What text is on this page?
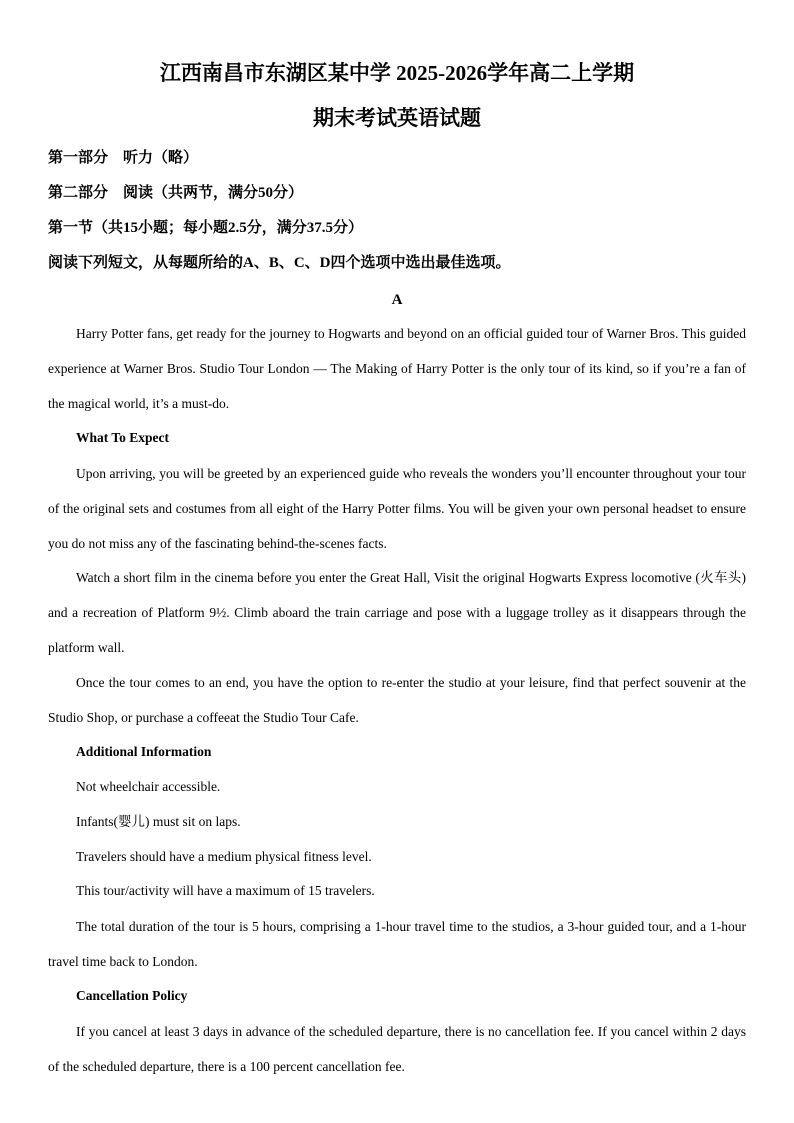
江西南昌市东湖区某中学 2025-2026学年高二上学期
期末考试英语试题
第一部分　听力（略）
第二部分　阅读（共两节，满分50分）
第一节（共15小题；每小题2.5分，满分37.5分）
阅读下列短文，从每题所给的A、B、C、D四个选项中选出最佳选项。
A

Harry Potter fans, get ready for the journey to Hogwarts and beyond on an official guided tour of Warner Bros. This guided experience at Warner Bros. Studio Tour London — The Making of Harry Potter is the only tour of its kind, so if you’re a fan of the magical world, it’s a must-do.

What To Expect

Upon arriving, you will be greeted by an experienced guide who reveals the wonders you’ll encounter throughout your tour of the original sets and costumes from all eight of the Harry Potter films. You will be given your own personal headset to ensure you do not miss any of the fascinating behind-the-scenes facts.

Watch a short film in the cinema before you enter the Great Hall, Visit the original Hogwarts Express locomotive (火车头) and a recreation of Platform 9½. Climb aboard the train carriage and pose with a luggage trolley as it disappears through the platform wall.

Once the tour comes to an end, you have the option to re-enter the studio at your leisure, find that perfect souvenir at the Studio Shop, or purchase a coffeeat the Studio Tour Cafe.

Additional Information
Not wheelchair accessible.
Infants(婴儿) must sit on laps.
Travelers should have a medium physical fitness level.
This tour/activity will have a maximum of 15 travelers.

The total duration of the tour is 5 hours, comprising a 1-hour travel time to the studios, a 3-hour guided tour, and a 1-hour travel time back to London.

Cancellation Policy

If you cancel at least 3 days in advance of the scheduled departure, there is no cancellation fee. If you cancel within 2 days of the scheduled departure, there is a 100 percent cancellation fee.
